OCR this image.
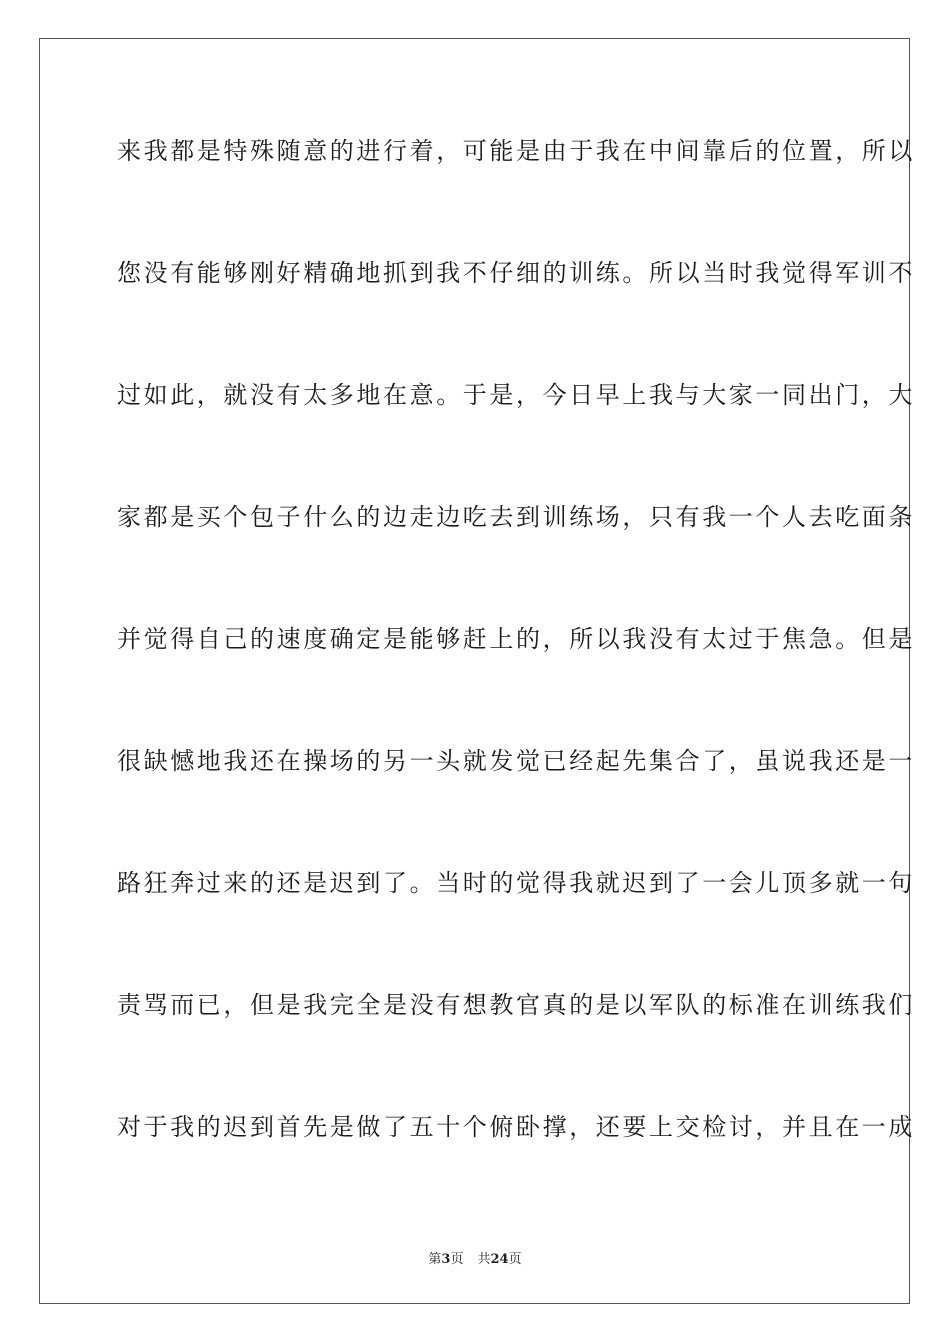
来我都是特殊随意的进行着，可能是由于我在中间靠后的位置，所以
您没有能够刚好精确地抓到我不仔细的训练。所以当时我觉得军训不
过如此，就没有太多地在意。于是，今日早上我与大家一同出门，大
家都是买个包子什么的边走边吃去到训练场，只有我一个人去吃面条
并觉得自己的速度确定是能够赶上的，所以我没有太过于焦急。但是
很缺憾地我还在操场的另一头就发觉已经起先集合了，虽说我还是一
路狂奔过来的还是迟到了。当时的觉得我就迟到了一会儿顶多就一句
责骂而已，但是我完全是没有想教官真的是以军队的标准在训练我们
对于我的迟到首先是做了五十个俯卧撑，还要上交检讨，并且在一成
第3页 共24页
